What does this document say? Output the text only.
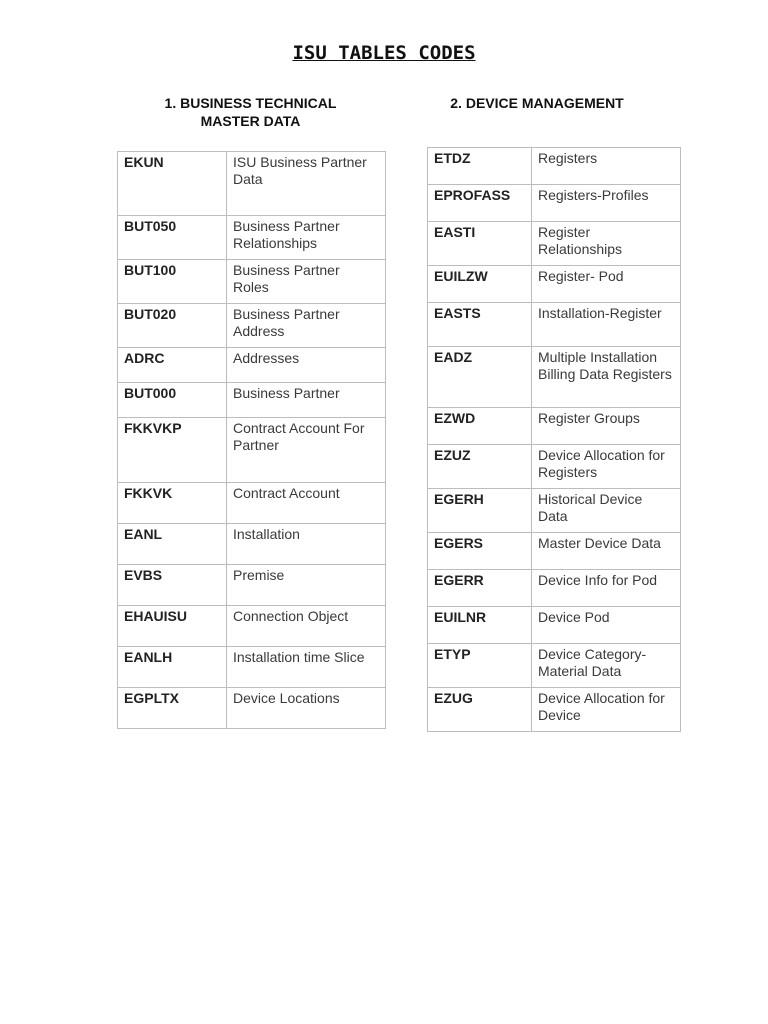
ISU TABLES CODES
1. BUSINESS TECHNICAL
MASTER DATA
2. DEVICE MANAGEMENT
EKUN	ISU Business Partner Data
BUT050	Business Partner Relationships
BUT100	Business Partner Roles
BUT020	Business Partner Address
ADRC	Addresses
BUT000	Business Partner
FKKVKP	Contract Account For Partner
FKKVK	Contract Account
EANL	Installation
EVBS	Premise
EHAUISU	Connection Object
EANLH	Installation time Slice
EGPLTX	Device Locations
ETDZ	Registers
EPROFASS	Registers-Profiles
EASTI	Register Relationships
EUILZW	Register- Pod
EASTS	Installation-Register
EADZ	Multiple Installation Billing Data Registers
EZWD	Register Groups
EZUZ	Device Allocation for Registers
EGERH	Historical Device Data
EGERS	Master Device Data
EGERR	Device Info for Pod
EUILNR	Device Pod
ETYP	Device Category-Material Data
EZUG	Device Allocation for Device
